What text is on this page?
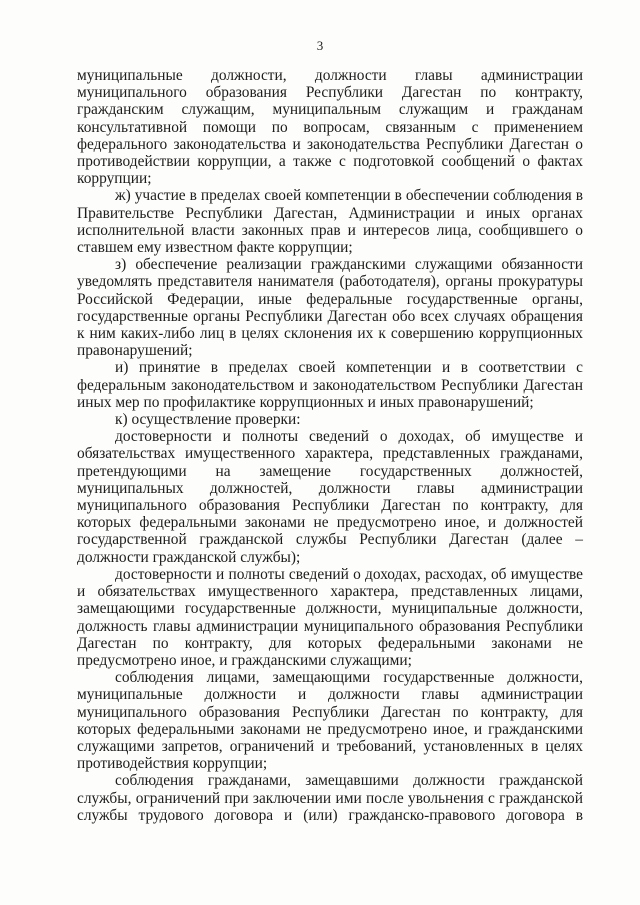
3

муниципальные должности, должности главы администрации муниципального образования Республики Дагестан по контракту, гражданским служащим, муниципальным служащим и гражданам консультативной помощи по вопросам, связанным с применением федерального законодательства и законодательства Республики Дагестан о противодействии коррупции, а также с подготовкой сообщений о фактах коррупции;

ж) участие в пределах своей компетенции в обеспечении соблюдения в Правительстве Республики Дагестан, Администрации и иных органах исполнительной власти законных прав и интересов лица, сообщившего о ставшем ему известном факте коррупции;

з) обеспечение реализации гражданскими служащими обязанности уведомлять представителя нанимателя (работодателя), органы прокуратуры Российской Федерации, иные федеральные государственные органы, государственные органы Республики Дагестан обо всех случаях обращения к ним каких-либо лиц в целях склонения их к совершению коррупционных правонарушений;

и) принятие в пределах своей компетенции и в соответствии с федеральным законодательством и законодательством Республики Дагестан иных мер по профилактике коррупционных и иных правонарушений;

к) осуществление проверки:

достоверности и полноты сведений о доходах, об имуществе и обязательствах имущественного характера, представленных гражданами, претендующими на замещение государственных должностей, муниципальных должностей, должности главы администрации муниципального образования Республики Дагестан по контракту, для которых федеральными законами не предусмотрено иное, и должностей государственной гражданской службы Республики Дагестан (далее – должности гражданской службы);

достоверности и полноты сведений о доходах, расходах, об имуществе и обязательствах имущественного характера, представленных лицами, замещающими государственные должности, муниципальные должности, должность главы администрации муниципального образования Республики Дагестан по контракту, для которых федеральными законами не предусмотрено иное, и гражданскими служащими;

соблюдения лицами, замещающими государственные должности, муниципальные должности и должности главы администрации муниципального образования Республики Дагестан по контракту, для которых федеральными законами не предусмотрено иное, и гражданскими служащими запретов, ограничений и требований, установленных в целях противодействия коррупции;

соблюдения гражданами, замещавшими должности гражданской службы, ограничений при заключении ими после увольнения с гражданской службы трудового договора и (или) гражданско-правового договора в
